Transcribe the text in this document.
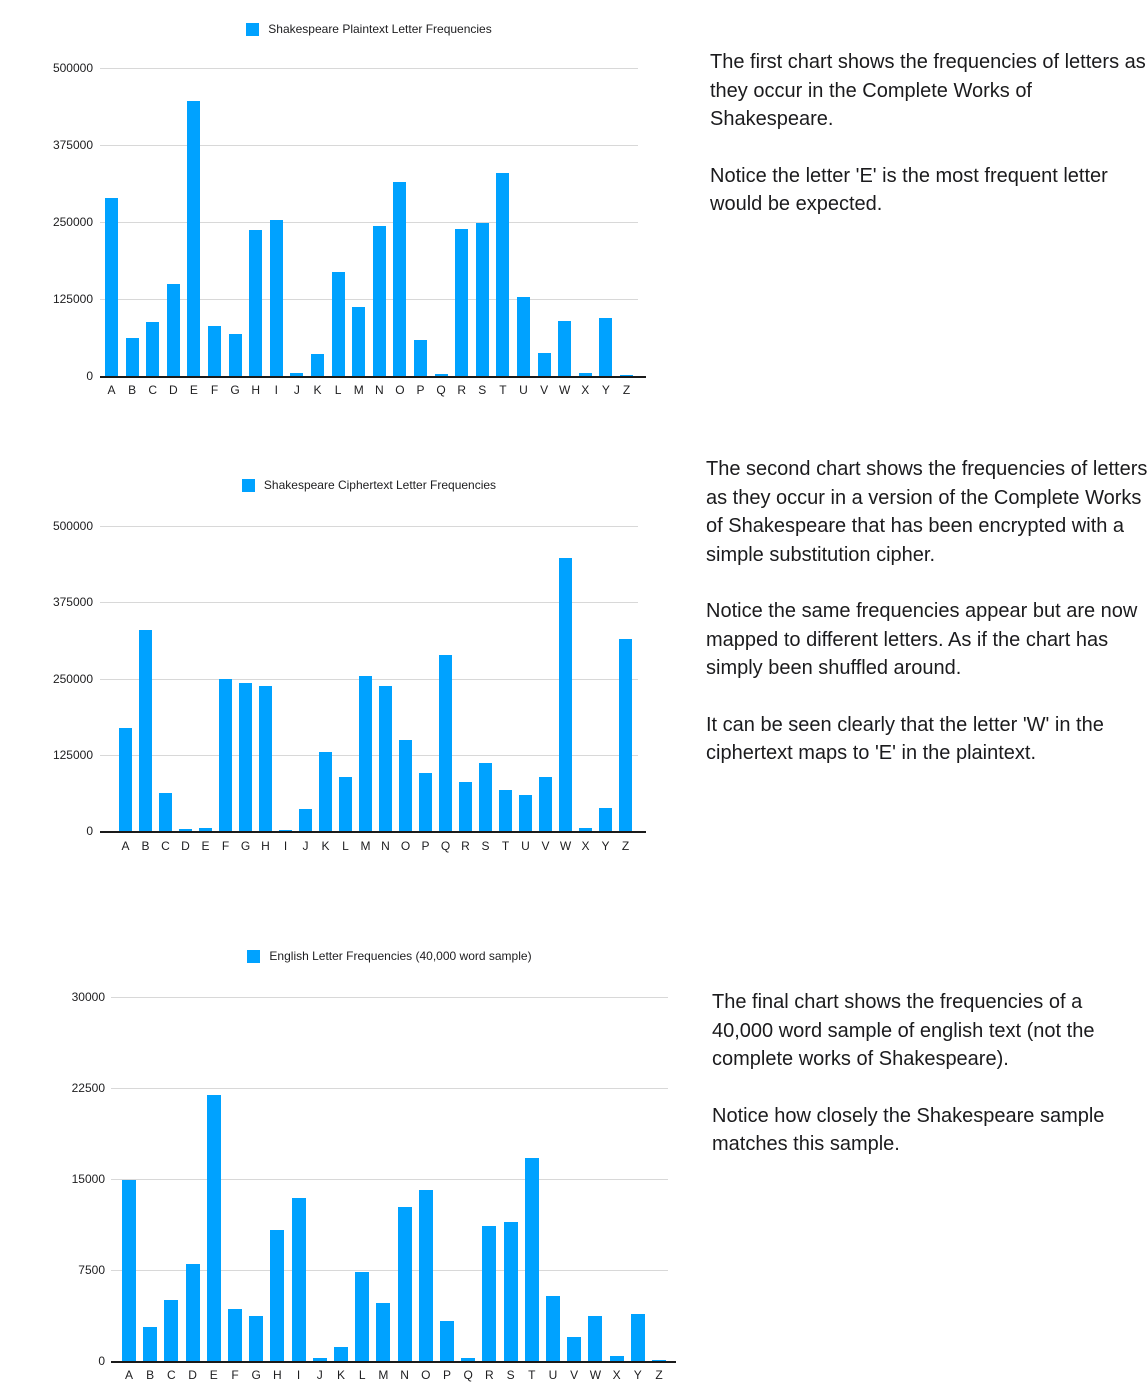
Shakespeare Plaintext Letter Frequencies
0
125000
250000
375000
500000
A	B	C D	E	F	G H	I	J	K	L	M N O P Q R	S	T	U	V W X	Y	Z
Shakespeare Ciphertext Letter Frequencies
0
125000
250000
375000
500000
A B C D E	F G H	I	J	K	L M N O P Q R S	T U V W X Y	Z
English Letter Frequencies (40,000 word sample)
0
7500
15000
22500
30000
A	B	C	D	E	F	G	H	I	J	K	L	M N	O	P	Q	R	S	T	U	V W X	Y	Z

The first chart shows the frequencies of letters as they occur in the Complete Works of Shakespeare.

Notice the letter 'E' is the most frequent letter would be expected.

The second chart shows the frequencies of letters as they occur in a version of the Complete Works of Shakespeare that has been encrypted with a simple substitution cipher.

Notice the same frequencies appear but are now mapped to different letters. As if the chart has simply been shuffled around.

It can be seen clearly that the letter 'W' in the ciphertext maps to 'E' in the plaintext.

The final chart shows the frequencies of a 40,000 word sample of english text (not the complete works of Shakespeare).

Notice how closely the Shakespeare sample matches this sample.
